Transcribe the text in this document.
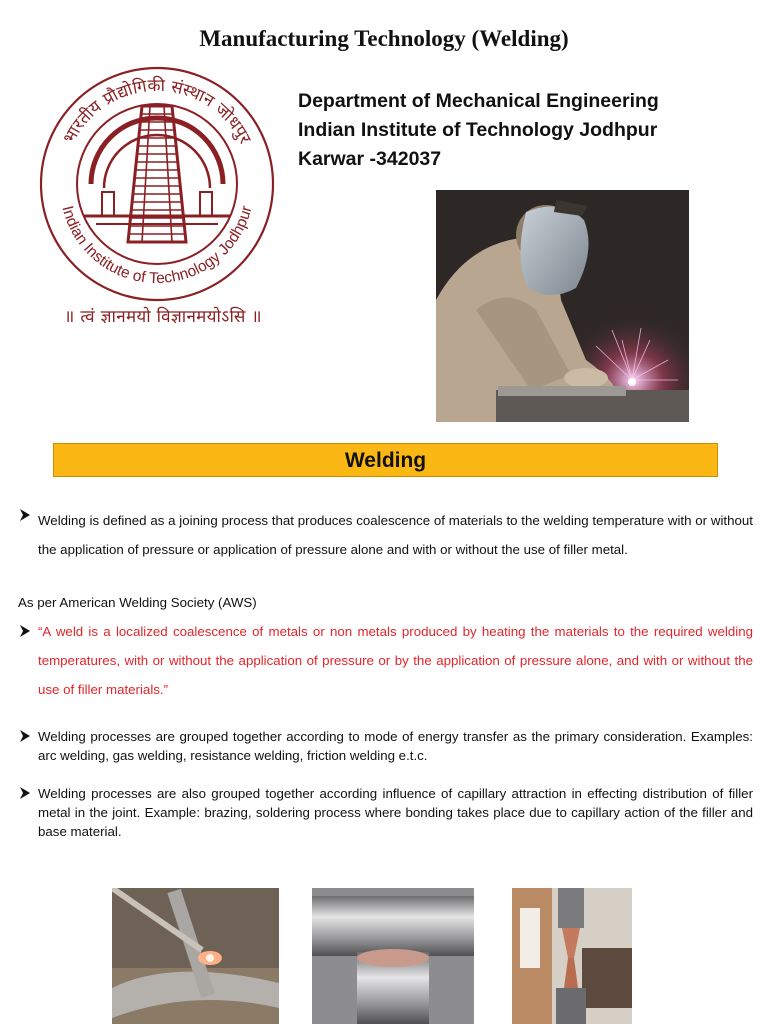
Manufacturing Technology (Welding)
भारतीय प्रौद्योगिकी संस्थान जोधपुर
Indian Institute of Technology Jodhpur
॥ त्वं ज्ञानमयो विज्ञानमयोऽसि ॥
Department of Mechanical Engineering
Indian Institute of Technology Jodhpur
Karwar -342037
Welding
Welding is defined as a joining process that produces coalescence of materials to the welding temperature with or without the application of pressure or application of pressure alone and with or without the use of filler metal.
As per American Welding Society (AWS)
“A weld is a localized coalescence of metals or non metals produced by heating the materials to the required welding temperatures, with or without the application of pressure or by the application of pressure alone, and with or without the use of filler materials.”
Welding processes are grouped together according to mode of energy transfer as the primary consideration. Examples: arc welding, gas welding, resistance welding, friction welding e.t.c.
Welding processes are also grouped together according influence of capillary attraction in effecting distribution of filler metal in the joint. Example: brazing, soldering process where bonding takes place due to capillary action of the filler and base material.
